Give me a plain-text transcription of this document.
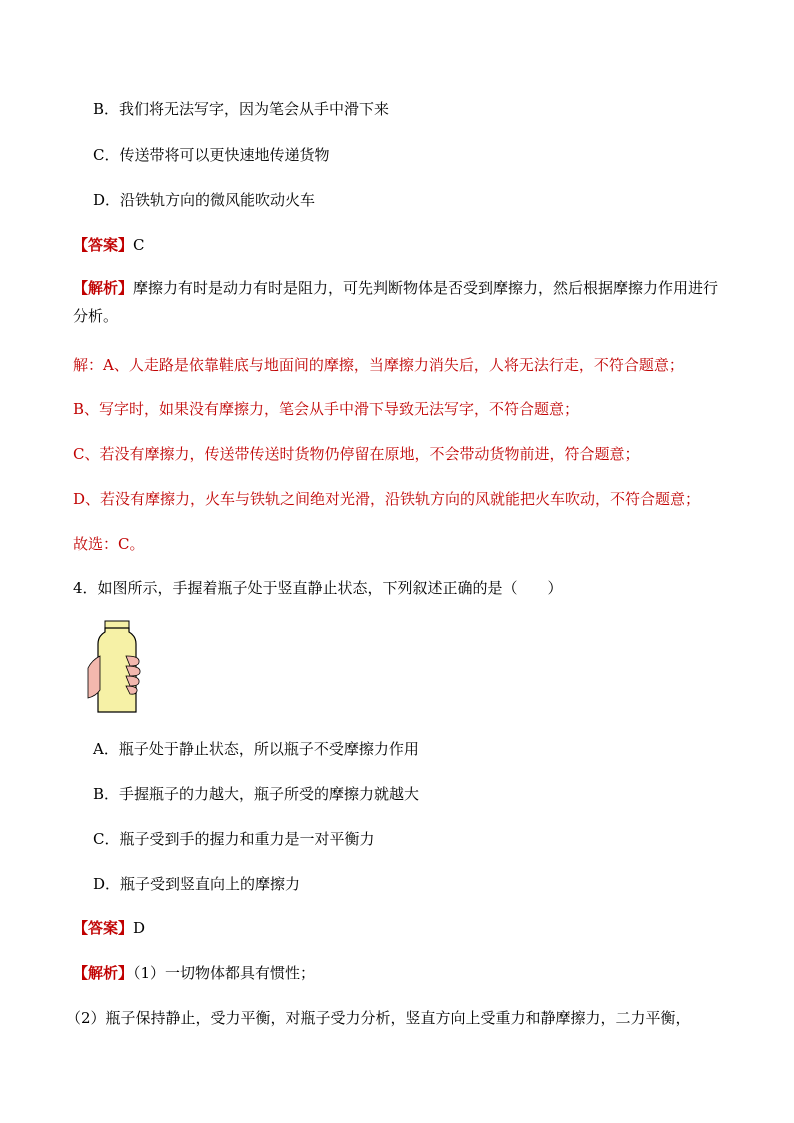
B．我们将无法写字，因为笔会从手中滑下来
C．传送带将可以更快速地传递货物
D．沿铁轨方向的微风能吹动火车
【答案】C
【解析】摩擦力有时是动力有时是阻力，可先判断物体是否受到摩擦力，然后根据摩擦力作用进行分析。
解：A、人走路是依靠鞋底与地面间的摩擦，当摩擦力消失后，人将无法行走，不符合题意；
B、写字时，如果没有摩擦力，笔会从手中滑下导致无法写字，不符合题意；
C、若没有摩擦力，传送带传送时货物仍停留在原地，不会带动货物前进，符合题意；
D、若没有摩擦力，火车与铁轨之间绝对光滑，沿铁轨方向的风就能把火车吹动，不符合题意；
故选：C。
4．如图所示，手握着瓶子处于竖直静止状态，下列叙述正确的是（　　）
A．瓶子处于静止状态，所以瓶子不受摩擦力作用
B．手握瓶子的力越大，瓶子所受的摩擦力就越大
C．瓶子受到手的握力和重力是一对平衡力
D．瓶子受到竖直向上的摩擦力
【答案】D
【解析】（1）一切物体都具有惯性；
（2）瓶子保持静止，受力平衡，对瓶子受力分析，竖直方向上受重力和静摩擦力，二力平衡，
